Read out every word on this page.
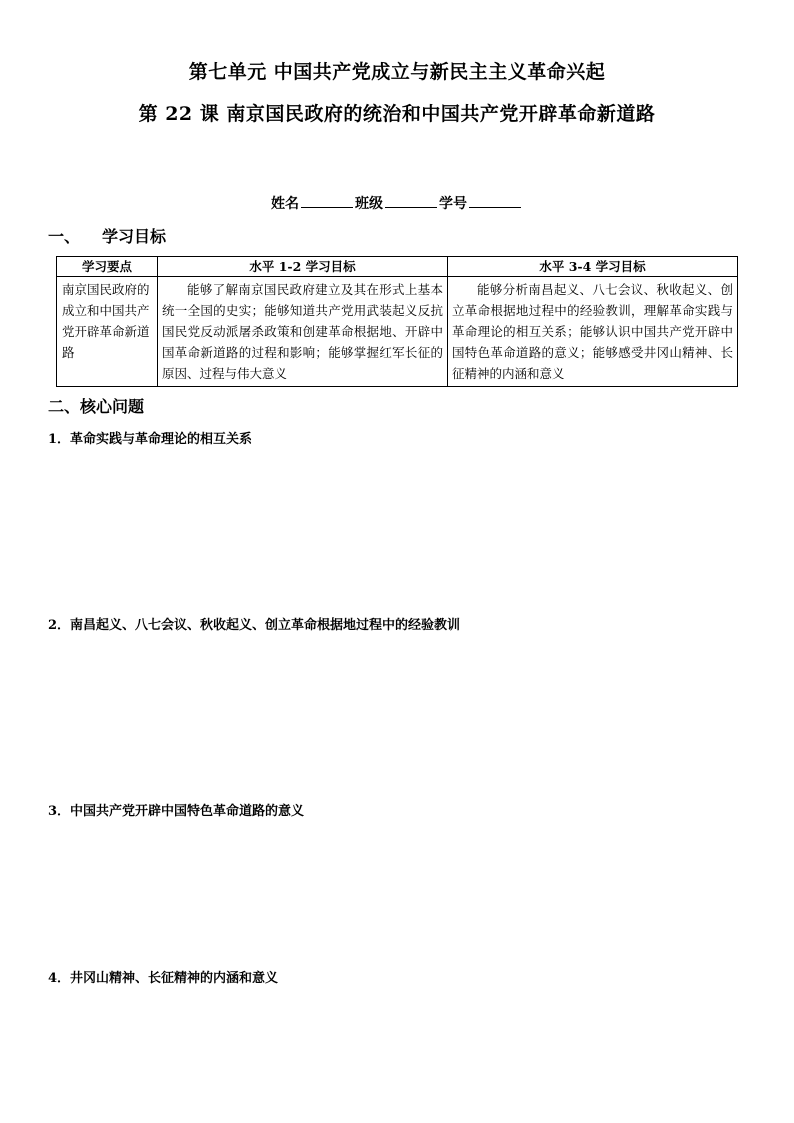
第七单元 中国共产党成立与新民主主义革命兴起
第 22 课 南京国民政府的统治和中国共产党开辟革命新道路
姓名	班级	学号
一、 学习目标
学习要点	水平 1-2 学习目标	水平 3-4 学习目标
南京国民政府的成立和中国共产党开辟革命新道路	能够了解南京国民政府建立及其在形式上基本统一全国的史实；能够知道共产党用武装起义反抗国民党反动派屠杀政策和创建革命根据地、开辟中国革命新道路的过程和影响；能够掌握红军长征的原因、过程与伟大意义	能够分析南昌起义、八七会议、秋收起义、创立革命根据地过程中的经验教训，理解革命实践与革命理论的相互关系；能够认识中国共产党开辟中国特色革命道路的意义；能够感受井冈山精神、长征精神的内涵和意义
二、核心问题
1．革命实践与革命理论的相互关系
2．南昌起义、八七会议、秋收起义、创立革命根据地过程中的经验教训
3．中国共产党开辟中国特色革命道路的意义
4．井冈山精神、长征精神的内涵和意义
